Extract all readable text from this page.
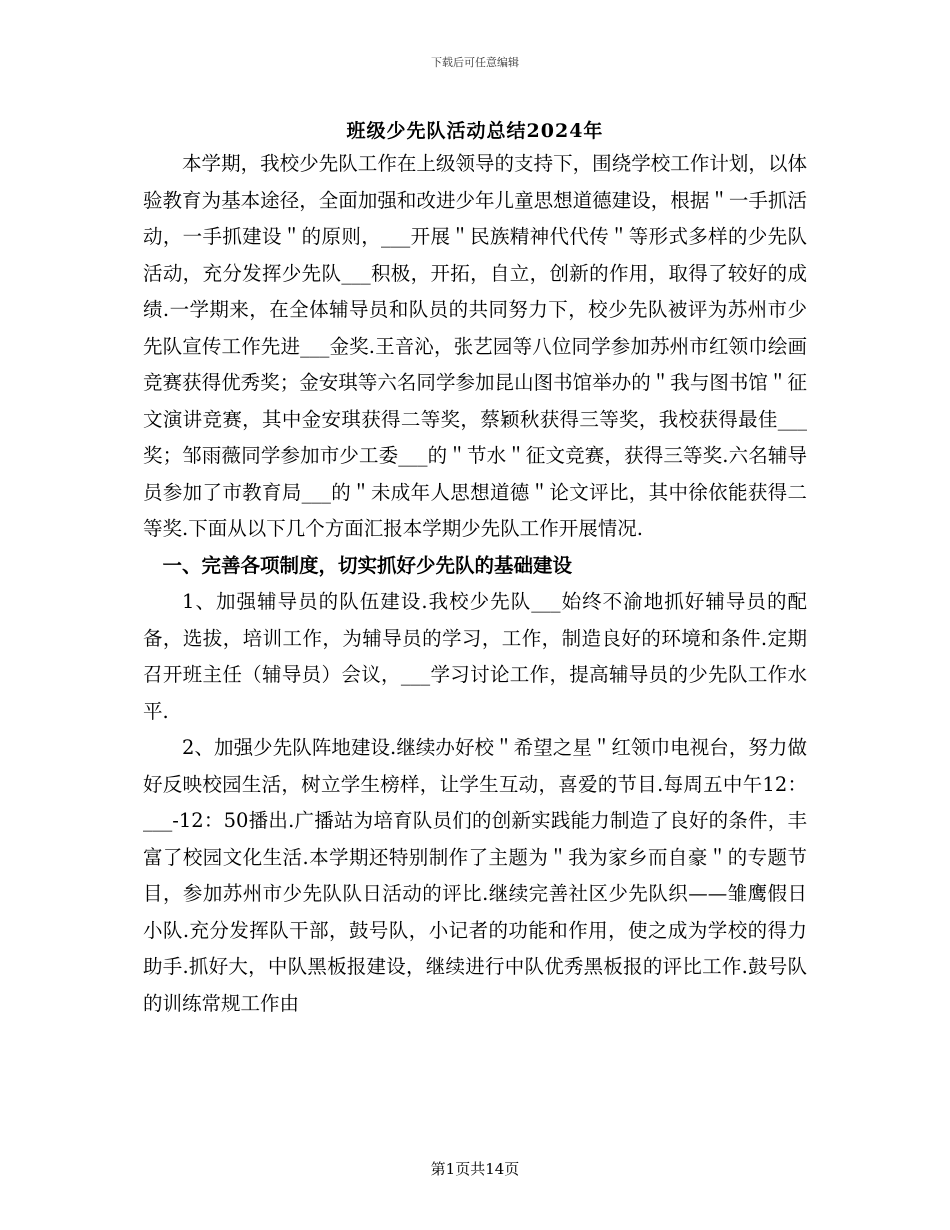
下载后可任意编辑
班级少先队活动总结2024年

本学期，我校少先队工作在上级领导的支持下，围绕学校工作计划，以体验教育为基本途径，全面加强和改进少年儿童思想道德建设，根据＂一手抓活动，一手抓建设＂的原则，___开展＂民族精神代代传＂等形式多样的少先队活动，充分发挥少先队___积极，开拓，自立，创新的作用，取得了较好的成绩.一学期来，在全体辅导员和队员的共同努力下，校少先队被评为苏州市少先队宣传工作先进___金奖.王音沁，张艺园等八位同学参加苏州市红领巾绘画竞赛获得优秀奖；金安琪等六名同学参加昆山图书馆举办的＂我与图书馆＂征文演讲竞赛，其中金安琪获得二等奖，蔡颖秋获得三等奖，我校获得最佳___奖；邹雨薇同学参加市少工委___的＂节水＂征文竞赛，获得三等奖.六名辅导员参加了市教育局___的＂未成年人思想道德＂论文评比，其中徐依能获得二等奖.下面从以下几个方面汇报本学期少先队工作开展情况.

一、完善各项制度，切实抓好少先队的基础建设

1、加强辅导员的队伍建设.我校少先队___始终不渝地抓好辅导员的配备，选拔，培训工作，为辅导员的学习，工作，制造良好的环境和条件.定期召开班主任（辅导员）会议，___学习讨论工作，提高辅导员的少先队工作水平.

2、加强少先队阵地建设.继续办好校＂希望之星＂红领巾电视台，努力做好反映校园生活，树立学生榜样，让学生互动，喜爱的节目.每周五中午12：___-12：50播出.广播站为培育队员们的创新实践能力制造了良好的条件，丰富了校园文化生活.本学期还特别制作了主题为＂我为家乡而自豪＂的专题节目，参加苏州市少先队队日活动的评比.继续完善社区少先队织——雏鹰假日小队.充分发挥队干部，鼓号队，小记者的功能和作用，使之成为学校的得力助手.抓好大，中队黑板报建设，继续进行中队优秀黑板报的评比工作.鼓号队的训练常规工作由

第1页共14页
